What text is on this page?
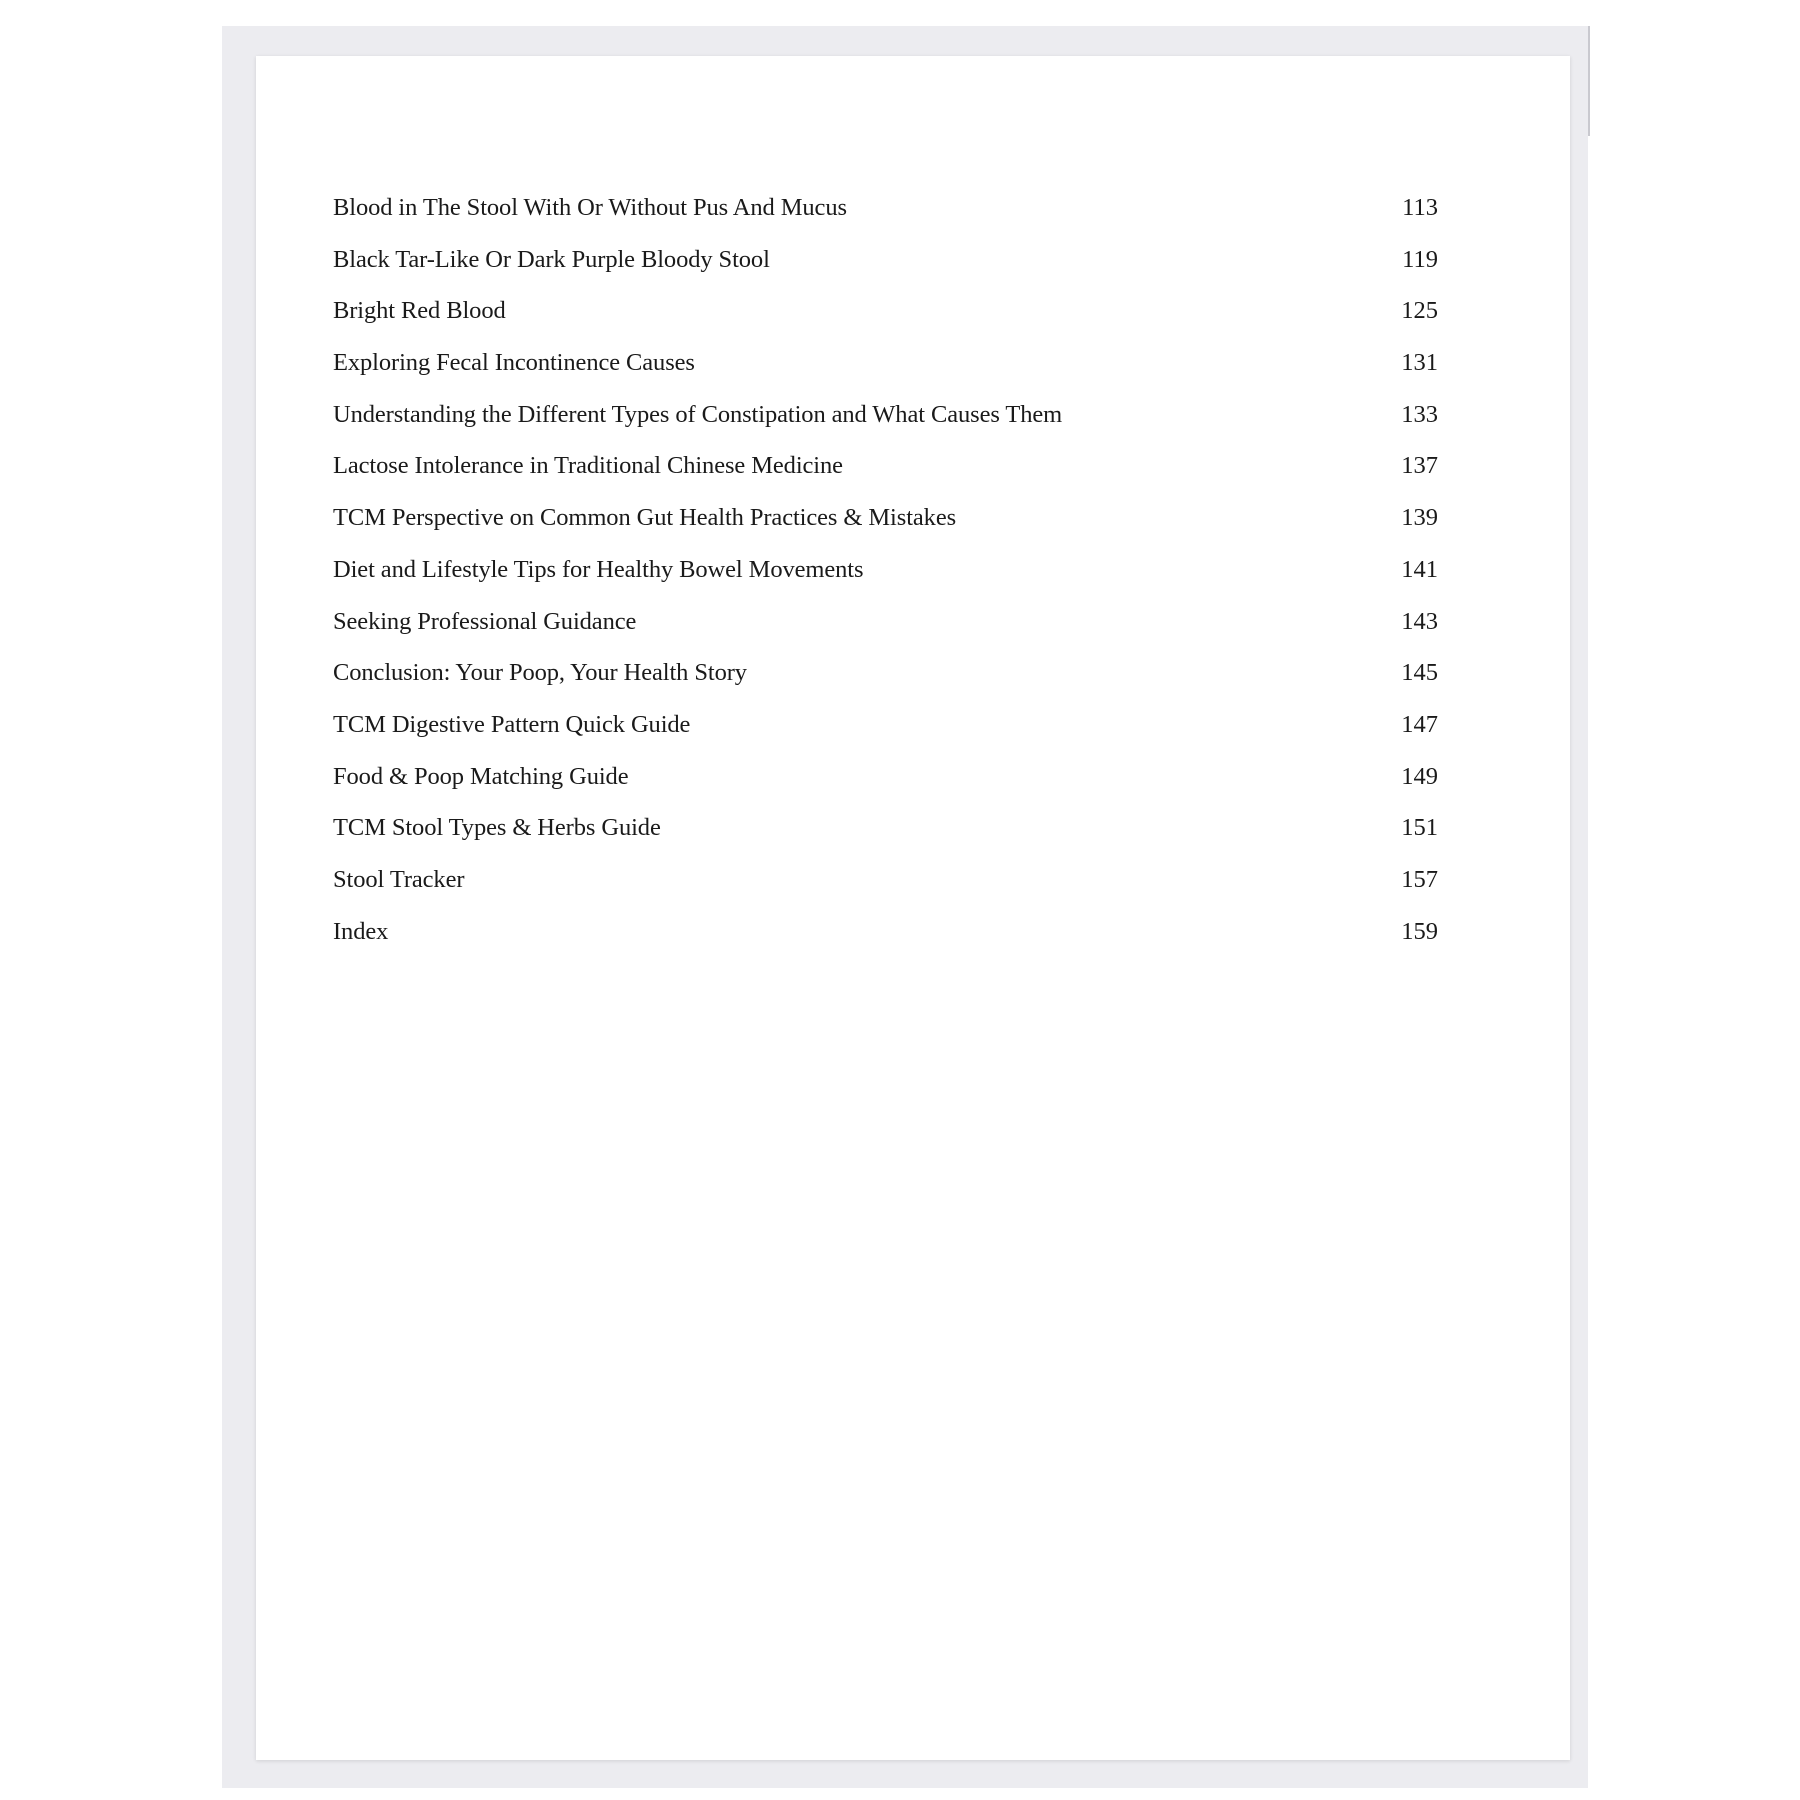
Blood in The Stool With Or Without Pus And Mucus	113
Black Tar-Like Or Dark Purple Bloody Stool	119
Bright Red Blood	125
Exploring Fecal Incontinence Causes	131
Understanding the Different Types of Constipation and What Causes Them	133
Lactose Intolerance in Traditional Chinese Medicine	137
TCM Perspective on Common Gut Health Practices & Mistakes	139
Diet and Lifestyle Tips for Healthy Bowel Movements	141
Seeking Professional Guidance	143
Conclusion: Your Poop, Your Health Story	145
TCM Digestive Pattern Quick Guide	147
Food & Poop Matching Guide	149
TCM Stool Types & Herbs Guide	151
Stool Tracker	157
Index	159
